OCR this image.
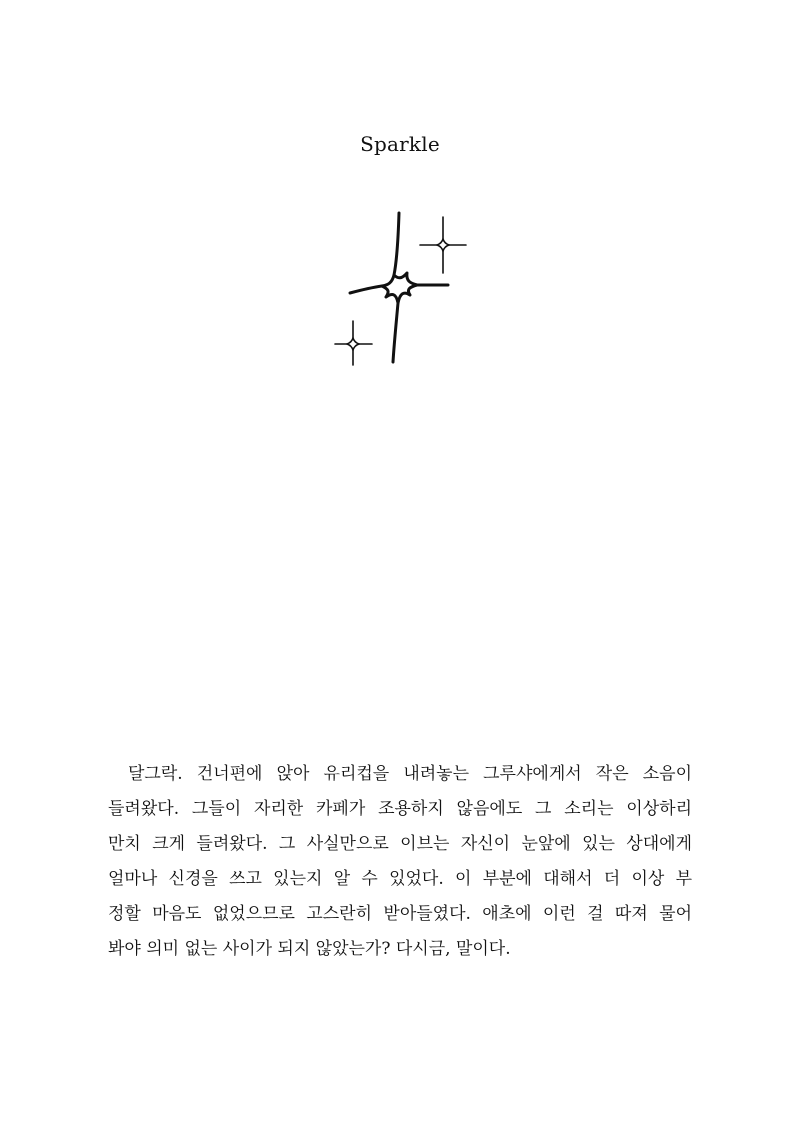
Sparkle
달그락. 건너편에 앉아 유리컵을 내려놓는 그루샤에게서 작은 소음이
들려왔다. 그들이 자리한 카페가 조용하지 않음에도 그 소리는 이상하리
만치 크게 들려왔다. 그 사실만으로 이브는 자신이 눈앞에 있는 상대에게
얼마나 신경을 쓰고 있는지 알 수 있었다. 이 부분에 대해서 더 이상 부
정할 마음도 없었으므로 고스란히 받아들였다. 애초에 이런 걸 따져 물어
봐야 의미 없는 사이가 되지 않았는가? 다시금, 말이다.
